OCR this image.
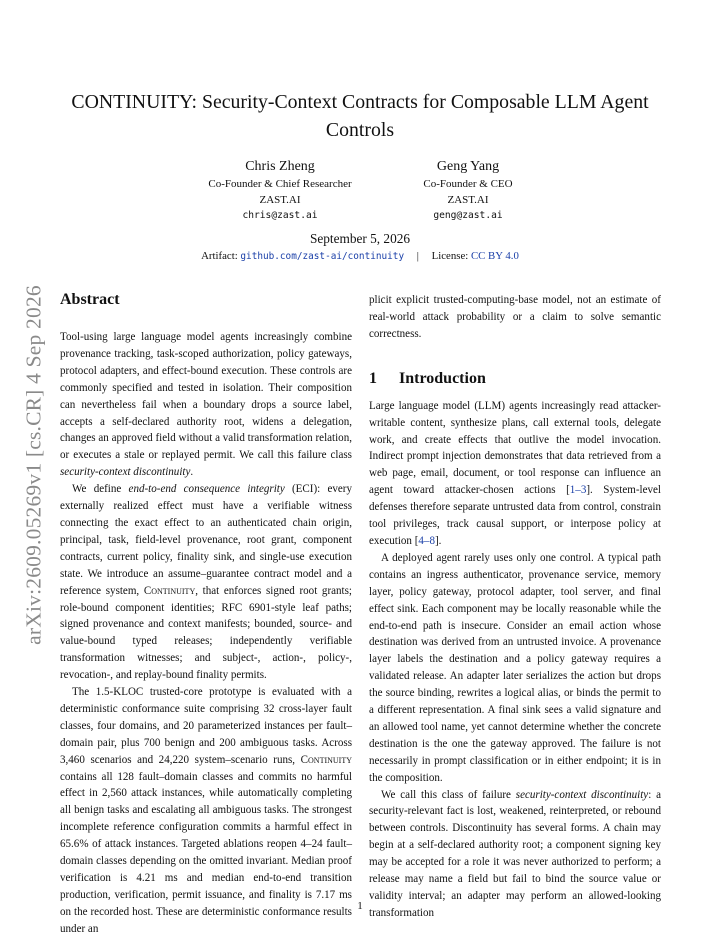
arXiv:2609.05269v1 [cs.CR] 4 Sep 2026
CONTINUITY: Security-Context Contracts for Composable LLM Agent Controls
Chris Zheng
Co-Founder & Chief Researcher
ZAST.AI
chris@zast.ai
Geng Yang
Co-Founder & CEO
ZAST.AI
geng@zast.ai
September 5, 2026
Artifact: github.com/zast-ai/continuity | License: CC BY 4.0
Abstract

Tool-using large language model agents increasingly combine provenance tracking, task-scoped authorization, policy gateways, protocol adapters, and effect-bound execution. These controls are commonly specified and tested in isolation. Their composition can nevertheless fail when a boundary drops a source label, accepts a self-declared authority root, widens a delegation, changes an approved field without a valid transformation relation, or executes a stale or replayed permit. We call this failure class security-context discontinuity.

We define end-to-end consequence integrity (ECI): every externally realized effect must have a verifiable witness connecting the exact effect to an authenticated chain origin, principal, task, field-level provenance, root grant, component contracts, current policy, finality sink, and single-use execution state. We introduce an assume–guarantee contract model and a reference system, Continuity, that enforces signed root grants; role-bound component identities; RFC 6901-style leaf paths; signed provenance and context manifests; bounded, source- and value-bound typed releases; independently verifiable transformation witnesses; and subject-, action-, policy-, revocation-, and replay-bound finality permits.

The 1.5-KLOC trusted-core prototype is evaluated with a deterministic conformance suite comprising 32 cross-layer fault classes, four domains, and 20 parameterized instances per fault–domain pair, plus 700 benign and 200 ambiguous tasks. Across 3,460 scenarios and 24,220 system–scenario runs, Continuity contains all 128 fault–domain classes and commits no harmful effect in 2,560 attack instances, while automatically completing all benign tasks and escalating all ambiguous tasks. The strongest incomplete reference configuration commits a harmful effect in 65.6% of attack instances. Targeted ablations reopen 4–24 fault–domain classes depending on the omitted invariant. Median proof verification is 4.21 ms and median end-to-end transition production, verification, permit issuance, and finality is 7.17 ms on the recorded host. These are deterministic conformance results under an

plicit explicit trusted-computing-base model, not an estimate of real-world attack probability or a claim to solve semantic correctness.

1 Introduction

Large language model (LLM) agents increasingly read attacker-writable content, synthesize plans, call external tools, delegate work, and create effects that outlive the model invocation. Indirect prompt injection demonstrates that data retrieved from a web page, email, document, or tool response can influence an agent toward attacker-chosen actions [1–3]. System-level defenses therefore separate untrusted data from control, constrain tool privileges, track causal support, or interpose policy at execution [4–8].

A deployed agent rarely uses only one control. A typical path contains an ingress authenticator, provenance service, memory layer, policy gateway, protocol adapter, tool server, and final effect sink. Each component may be locally reasonable while the end-to-end path is insecure. Consider an email action whose destination was derived from an untrusted invoice. A provenance layer labels the destination and a policy gateway requires a validated release. An adapter later serializes the action but drops the source binding, rewrites a logical alias, or binds the permit to a different representation. A final sink sees a valid signature and an allowed tool name, yet cannot determine whether the concrete destination is the one the gateway approved. The failure is not necessarily in prompt classification or in either endpoint; it is in the composition.

We call this class of failure security-context discontinuity: a security-relevant fact is lost, weakened, reinterpreted, or rebound between controls. Discontinuity has several forms. A chain may begin at a self-declared authority root; a component signing key may be accepted for a role it was never authorized to perform; a release may name a field but fail to bind the source value or validity interval; an adapter may perform an allowed-looking transformation

1
